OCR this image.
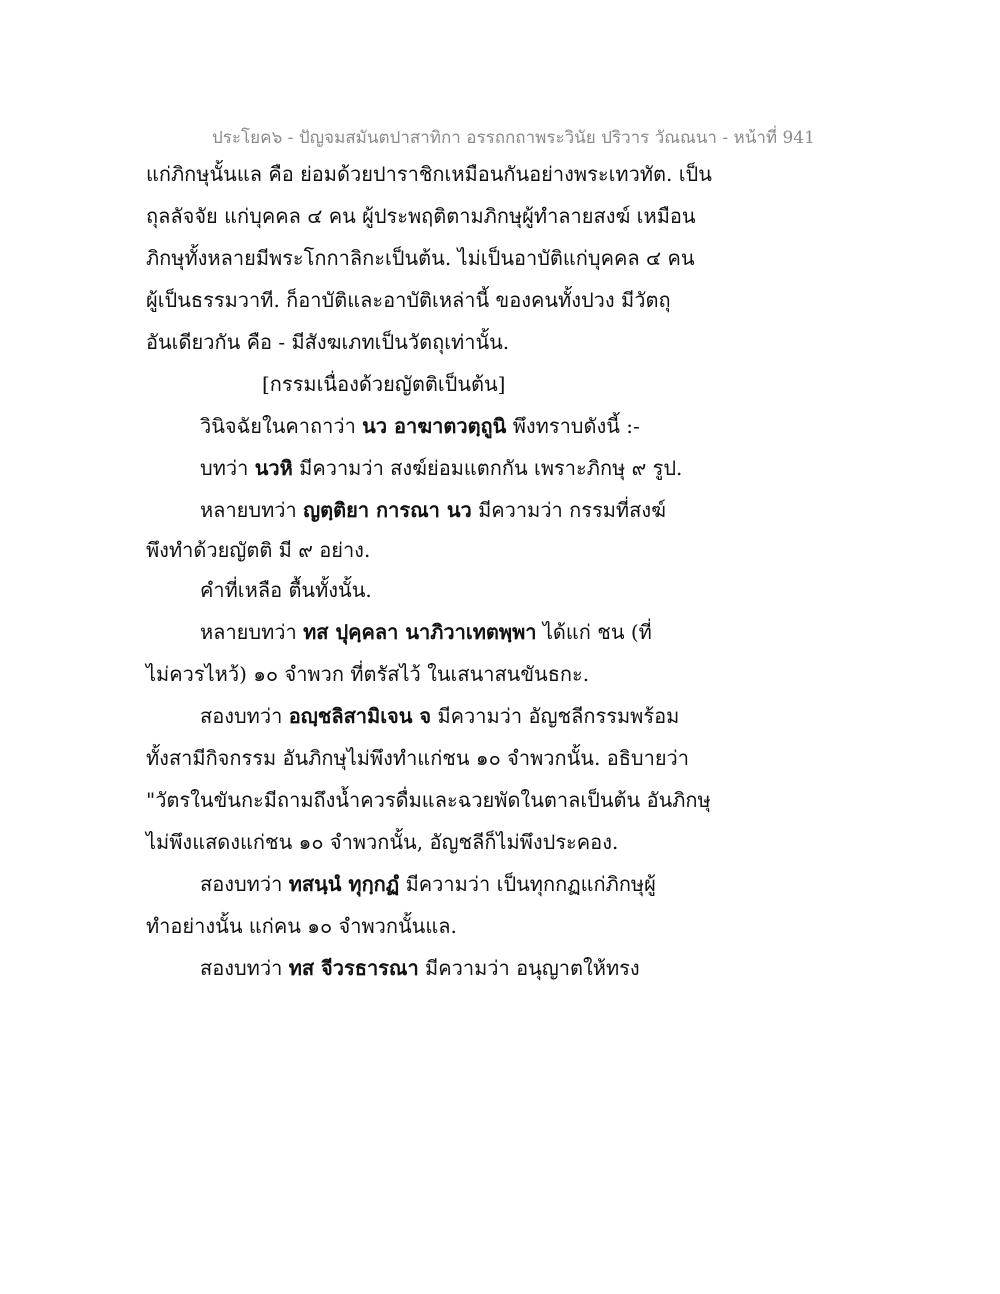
ประโยค๖ - ปัญจมสมันตปาสาทิกา อรรถกถาพระวินัย ปริวาร วัณณนา - หน้าที่ 941
แก่ภิกษุนั้นแล คือ ย่อมด้วยปาราชิกเหมือนกันอย่างพระเทวทัต. เป็น
ถุลลัจจัย แก่บุคคล ๔ คน ผู้ประพฤติตามภิกษุผู้ทำลายสงฆ์ เหมือน
ภิกษุทั้งหลายมีพระโกกาลิกะเป็นต้น. ไม่เป็นอาบัติแก่บุคคล ๔ คน
ผู้เป็นธรรมวาที. ก็อาบัติและอาบัติเหล่านี้ ของคนทั้งปวง มีวัตถุ
อันเดียวกัน คือ - มีสังฆเภทเป็นวัตถุเท่านั้น.
[กรรมเนื่องด้วยญัตติเป็นต้น]
วินิจฉัยในคาถาว่า นว อาฆาตวตฺถูนิ พึงทราบดังนี้ :-
บทว่า นวหิ มีความว่า สงฆ์ย่อมแตกกัน เพราะภิกษุ ๙ รูป.
หลายบทว่า ญตฺติยา การณา นว มีความว่า กรรมที่สงฆ์
พึงทำด้วยญัตติ มี ๙ อย่าง.
คำที่เหลือ ตื้นทั้งนั้น.
หลายบทว่า ทส ปุคฺคลา นาภิวาเทตพฺพา ได้แก่ ชน (ที่
ไม่ควรไหว้) ๑๐ จำพวก ที่ตรัสไว้ ในเสนาสนขันธกะ.
สองบทว่า อญฺชลิสามิเจน จ มีความว่า อัญชลีกรรมพร้อม
ทั้งสามีกิจกรรม อันภิกษุไม่พึงทำแก่ชน ๑๐ จำพวกนั้น. อธิบายว่า
"วัตรในขันกะมีถามถึงน้ำควรดื่มและฉวยพัดในตาลเป็นต้น อันภิกษุ
ไม่พึงแสดงแก่ชน ๑๐ จำพวกนั้น, อัญชลีก็ไม่พึงประคอง.
สองบทว่า ทสนฺนํ ทุกฺกฏํ มีความว่า เป็นทุกกฏแก่ภิกษุผู้
ทำอย่างนั้น แก่คน ๑๐ จำพวกนั้นแล.
สองบทว่า ทส จีวรธารณา มีความว่า อนุญาตให้ทรง
